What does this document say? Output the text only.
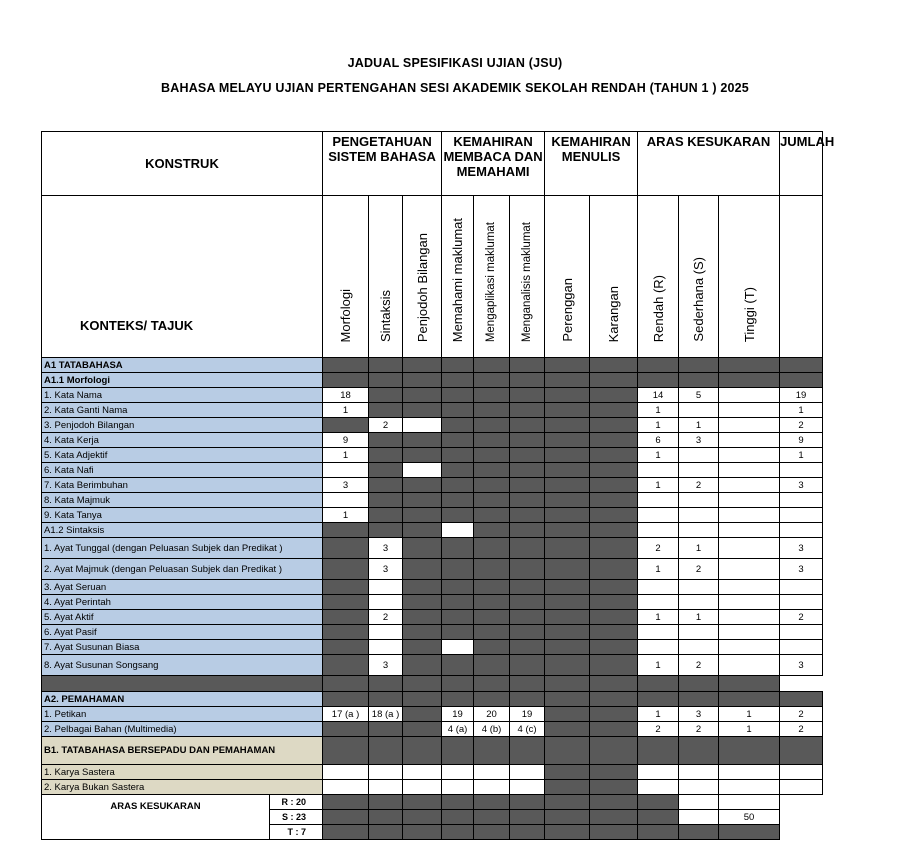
JADUAL SPESIFIKASI UJIAN (JSU)
BAHASA MELAYU UJIAN PERTENGAHAN SESI AKADEMIK SEKOLAH RENDAH (TAHUN 1 ) 2025
KONSTRUK		PENGETAHUAN SISTEM BAHASA			KEMAHIRAN MEMBACA DAN MEMAHAMI			KEMAHIRAN MENULIS		ARAS KESUKARAN			JUMLAH
KONTEKS/ TAJUK		Morfologi	Sintaksis	Penjodoh Bilangan	Memahami maklumat	Mengaplikasi maklumat	Menganalisis maklumat	Perenggan	Karangan	Rendah (R)	Sederhana (S)	Tinggi (T)	
A1 TATABAHASA													
A1.1 Morfologi													
1. Kata Nama		18								14	5		19
2. Kata Ganti Nama		1								1			1
3. Penjodoh Bilangan			2							1	1		2
4. Kata Kerja		9								6	3		9
5. Kata Adjektif		1								1			1
6. Kata Nafi													
7. Kata Berimbuhan		3								1	2		3
8. Kata Majmuk													
9. Kata Tanya		1											
A1.2 Sintaksis													
1. Ayat Tunggal (dengan Peluasan Subjek dan Predikat )			3							2	1		3
2. Ayat Majmuk (dengan Peluasan Subjek dan Predikat )			3							1	2		3
3. Ayat Seruan													
4. Ayat Perintah													
5. Ayat Aktif			2							1	1		2
6. Ayat Pasif													
7. Ayat Susunan Biasa													
8. Ayat Susunan Songsang			3							1	2		3

A2. PEMAHAMAN													
1. Petikan		17 (a )	18 (a )		19	20	19			1	3	1	2
2. Pelbagai Bahan (Multimedia)					4 (a)	4 (b)	4 (c)			2	2	1	2
B1. TATABAHASA BERSEPADU DAN PEMAHAMAN													
1. Karya Sastera													
2. Karya Bukan Sastera													
ARAS KESUKARAN	R : 20												
	S : 23											50	
	T : 7												
